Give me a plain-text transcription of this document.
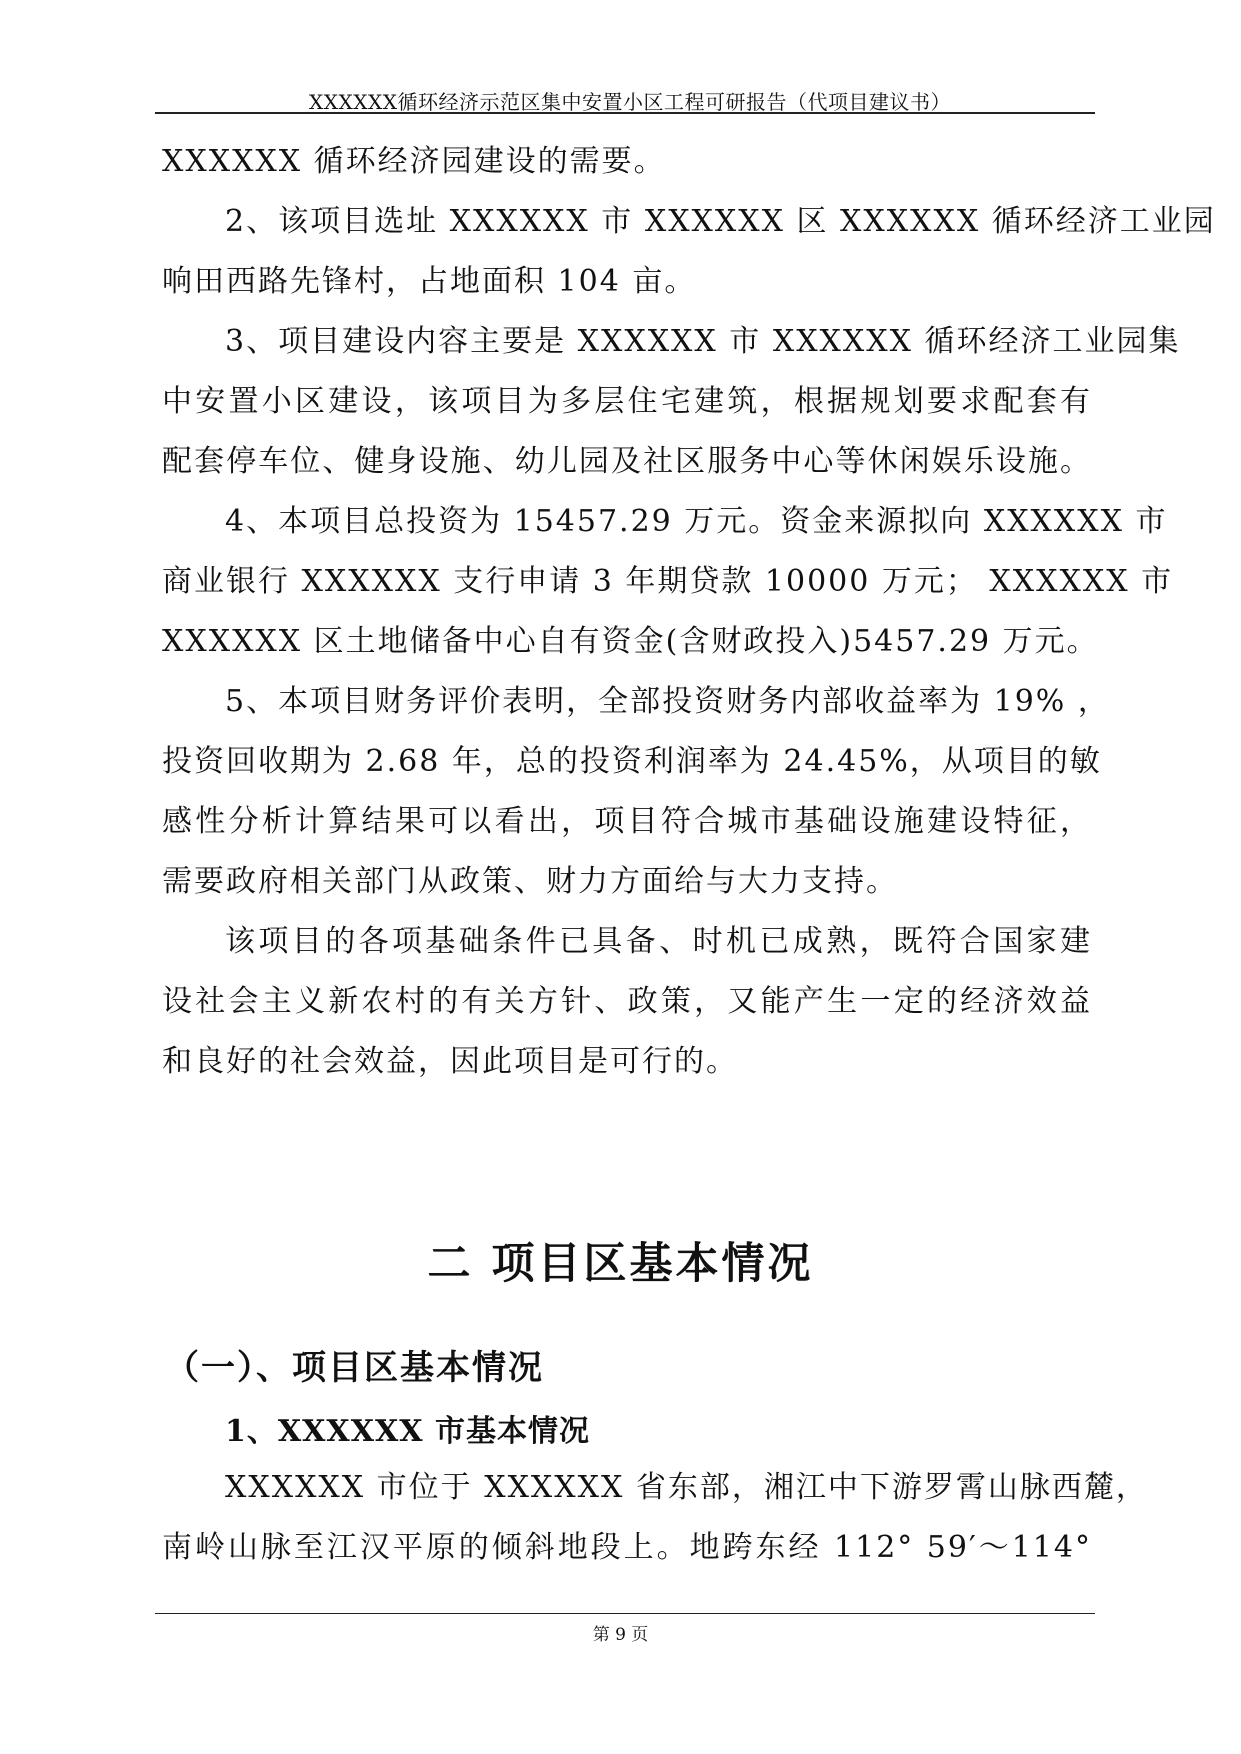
XXXXXX循环经济示范区集中安置小区工程可研报告（代项目建议书）
XXXXXX 循环经济园建设的需要。
2、该项目选址 XXXXXX 市 XXXXXX 区 XXXXXX 循环经济工业园
响田西路先锋村，占地面积 104 亩。
3、项目建设内容主要是 XXXXXX 市 XXXXXX 循环经济工业园集
中安置小区建设，该项目为多层住宅建筑，根据规划要求配套有
配套停车位、健身设施、幼儿园及社区服务中心等休闲娱乐设施。
4、本项目总投资为 15457.29 万元。资金来源拟向 XXXXXX 市
商业银行 XXXXXX 支行申请 3 年期贷款 10000 万元； XXXXXX 市
XXXXXX 区土地储备中心自有资金(含财政投入)5457.29 万元。
5、本项目财务评价表明，全部投资财务内部收益率为 19% ，
投资回收期为 2.68 年，总的投资利润率为 24.45%，从项目的敏
感性分析计算结果可以看出，项目符合城市基础设施建设特征，
需要政府相关部门从政策、财力方面给与大力支持。
该项目的各项基础条件已具备、时机已成熟，既符合国家建
设社会主义新农村的有关方针、政策，又能产生一定的经济效益
和良好的社会效益，因此项目是可行的。
二 项目区基本情况
（一）、项目区基本情况
1、XXXXXX 市基本情况
XXXXXX 市位于 XXXXXX 省东部，湘江中下游罗霄山脉西麓，
南岭山脉至江汉平原的倾斜地段上。地跨东经 112° 59′～114°
第 9 页
